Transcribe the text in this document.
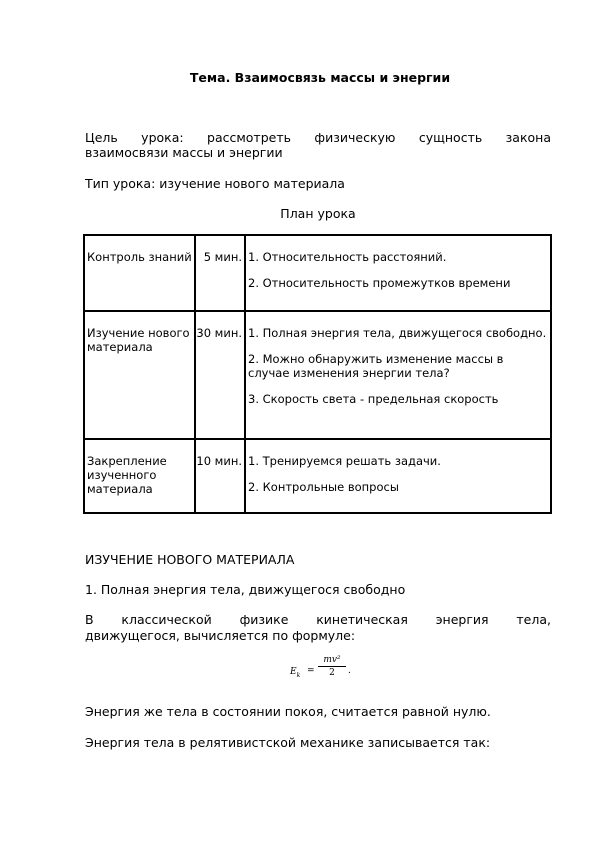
Тема. Взаимосвязь массы и энергии
Цель урока: рассмотреть физическую сущность закона
взаимосвязи массы и энергии
Тип урока: изучение нового материала
План урока
Контроль знаний	5 мин.	1. Относительность расстояний.
2. Относительность промежутков времени

Изучение нового материала	30 мин.	1. Полная энергия тела, движущегося свободно.
2. Можно обнаружить изменение массы в случае изменения энергии тела?
3. Скорость света - предельная скорость

Закрепление изученного материала	10 мин.	1. Тренируемся решать задачи.
2. Контрольные вопросы
ИЗУЧЕНИЕ НОВОГО МАТЕРИАЛА
1. Полная энергия тела, движущегося свободно
В классической физике кинетическая энергия тела,
движущегося, вычисляется по формуле:
$E_k$ =
mv²
2	.
Энергия же тела в состоянии покоя, считается равной нулю.
Энергия тела в релятивистской механике записывается так:
